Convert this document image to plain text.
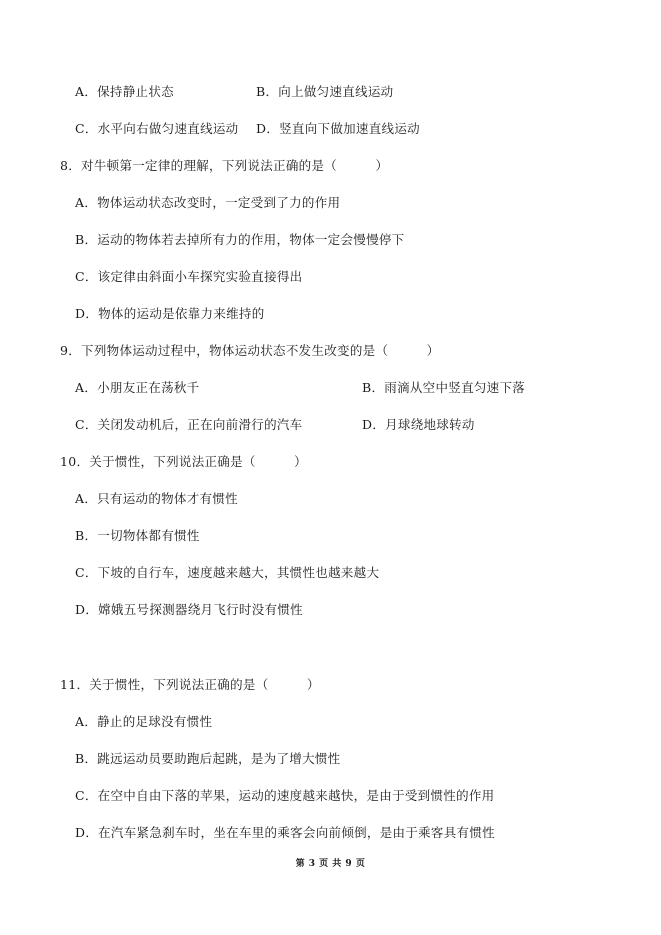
A．保持静止状态	B．向上做匀速直线运动
C．水平向右做匀速直线运动 D．竖直向下做加速直线运动
8．对牛顿第一定律的理解，下列说法正确的是（　　　）
A．物体运动状态改变时，一定受到了力的作用
B．运动的物体若去掉所有力的作用，物体一定会慢慢停下
C．该定律由斜面小车探究实验直接得出
D．物体的运动是依靠力来维持的
9．下列物体运动过程中，物体运动状态不发生改变的是（　　　）
A．小朋友正在荡秋千	B．雨滴从空中竖直匀速下落
C．关闭发动机后，正在向前滑行的汽车	D．月球绕地球转动
10．关于惯性，下列说法正确是（　　　）
A．只有运动的物体才有惯性
B．一切物体都有惯性
C．下坡的自行车，速度越来越大，其惯性也越来越大
D．嫦娥五号探测器绕月飞行时没有惯性
11．关于惯性，下列说法正确的是（　　　）
A．静止的足球没有惯性
B．跳远运动员要助跑后起跳，是为了增大惯性
C．在空中自由下落的苹果，运动的速度越来越快，是由于受到惯性的作用
D．在汽车紧急刹车时，坐在车里的乘客会向前倾倒，是由于乘客具有惯性
第 3 页 共 9 页
